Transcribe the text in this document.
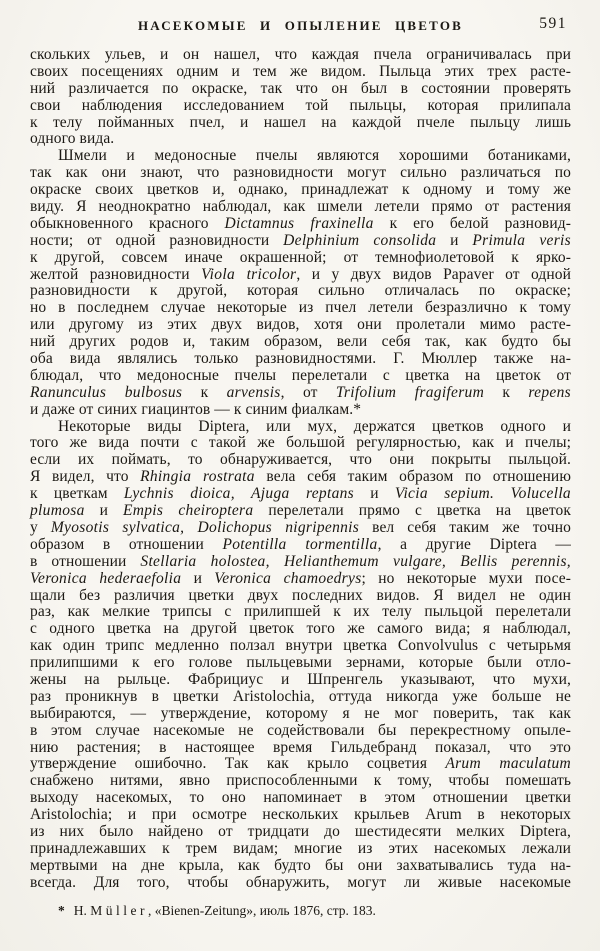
НАСЕКОМЫЕ И ОПЫЛЕНИЕ ЦВЕТОВ	591
скольких ульев, и он нашел, что каждая пчела ограничивалась при
своих посещениях одним и тем же видом. Пыльца этих трех расте-
ний различается по окраске, так что он был в состоянии проверять
свои наблюдения исследованием той пыльцы, которая прилипала
к телу пойманных пчел, и нашел на каждой пчеле пыльцу лишь
одного вида.
Шмели и медоносные пчелы являются хорошими ботаниками,
так как они знают, что разновидности могут сильно различаться по
окраске своих цветков и, однако, принадлежат к одному и тому же
виду. Я неоднократно наблюдал, как шмели летели прямо от растения
обыкновенного красного Dictamnus fraxinella к его белой разновид-
ности; от одной разновидности Delphinium consolida и Primula veris
к другой, совсем иначе окрашенной; от темнофиолетовой к ярко-
желтой разновидности Viola tricolor, и у двух видов Papaver от одной
разновидности к другой, которая сильно отличалась по окраске;
но в последнем случае некоторые из пчел летели безразлично к тому
или другому из этих двух видов, хотя они пролетали мимо расте-
ний других родов и, таким образом, вели себя так, как будто бы
оба вида являлись только разновидностями. Г. Мюллер также на-
блюдал, что медоносные пчелы перелетали с цветка на цветок от
Ranunculus bulbosus к arvensis, от Trifolium fragiferum к repens
и даже от синих гиацинтов — к синим фиалкам.*
Некоторые виды Diptera, или мух, держатся цветков одного и
того же вида почти с такой же большой регулярностью, как и пчелы;
если их поймать, то обнаруживается, что они покрыты пыльцой.
Я видел, что Rhingia rostrata вела себя таким образом по отношению
к цветкам Lychnis dioica, Ajuga reptans и Vicia sepium. Volucella
plumosa и Empis cheiroptera перелетали прямо с цветка на цветок
у Myosotis sylvatica, Dolichopus nigripennis вел себя таким же точно
образом в отношении Potentilla tormentilla, а другие Diptera —
в отношении Stellaria holostea, Helianthemum vulgare, Bellis perennis,
Veronica hederaefolia и Veronica chamoedrys; но некоторые мухи посе-
щали без различия цветки двух последних видов. Я видел не один
раз, как мелкие трипсы с прилипшей к их телу пыльцой перелетали
с одного цветка на другой цветок того же самого вида; я наблюдал,
как один трипс медленно ползал внутри цветка Convolvulus с четырьмя
прилипшими к его голове пыльцевыми зернами, которые были отло-
жены на рыльце. Фабрициус и Шпренгель указывают, что мухи,
раз проникнув в цветки Aristolochia, оттуда никогда уже больше не
выбираются, — утверждение, которому я не мог поверить, так как
в этом случае насекомые не содействовали бы перекрестному опыле-
нию растения; в настоящее время Гильдебранд показал, что это
утверждение ошибочно. Так как крыло соцветия Arum maculatum
снабжено нитями, явно приспособленными к тому, чтобы помешать
выходу насекомых, то оно напоминает в этом отношении цветки
Aristolochia; и при осмотре нескольких крыльев Arum в некоторых
из них было найдено от тридцати до шестидесяти мелких Diptera,
принадлежавших к трем видам; многие из этих насекомых лежали
мертвыми на дне крыла, как будто бы они захватывались туда на-
всегда. Для того, чтобы обнаружить, могут ли живые насекомые
* H. Müller, «Bienen-Zeitung», июль 1876, стр. 183.
